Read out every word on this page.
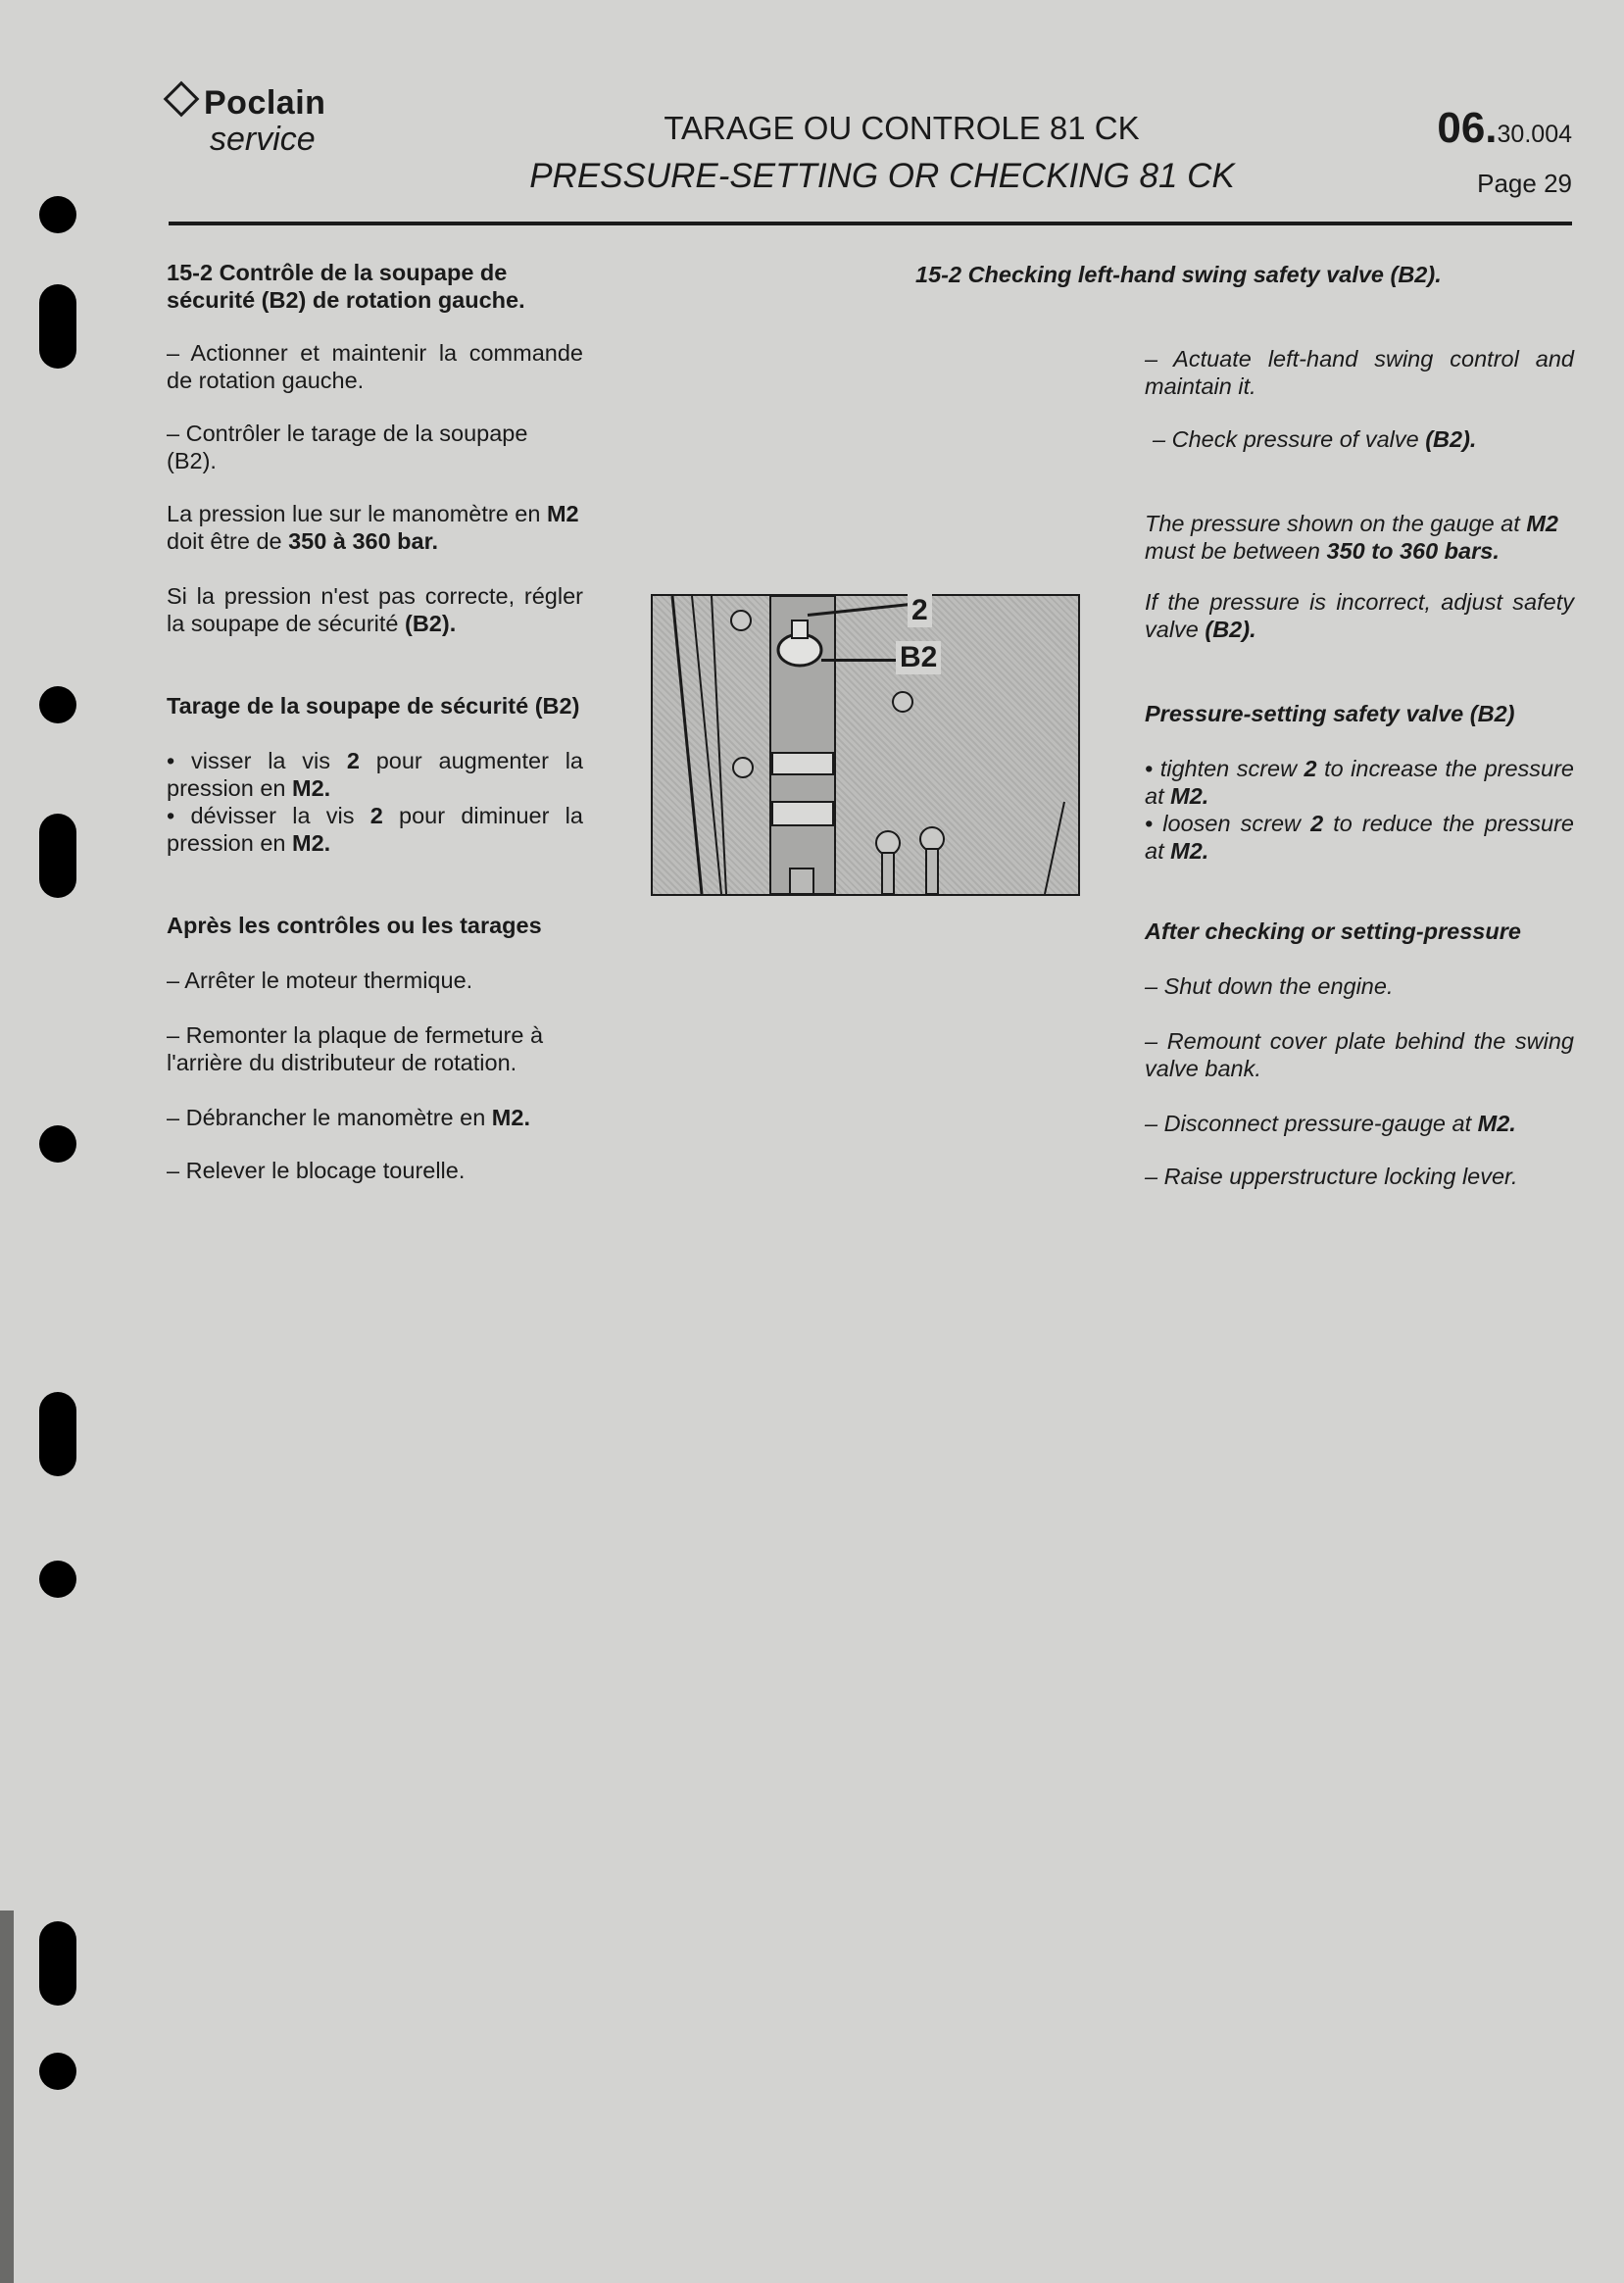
Poclain
service	TARAGE OU CONTROLE 81 CK
PRESSURE-SETTING OR CHECKING 81 CK
06.30.004
Page 29

15-2 Contrôle de la soupape de sécurité (B2) de rotation gauche.

– Actionner et maintenir la commande de rotation gauche.

– Contrôler le tarage de la soupape (B2).

La pression lue sur le manomètre en M2 doit être de 350 à 360 bar.

Si la pression n'est pas correcte, régler la soupape de sécurité (B2).

Tarage de la soupape de sécurité (B2)

• visser la vis 2 pour augmenter la pression en M2.

• dévisser la vis 2 pour diminuer la pression en M2.

Après les contrôles ou les tarages
– Arrêter le moteur thermique.
– Remonter la plaque de fermeture à l'arrière du distributeur de rotation.
– Débrancher le manomètre en M2.
– Relever le blocage tourelle.
2
B2
15-2 Checking left-hand swing safety valve (B2).
– Actuate left-hand swing control and maintain it.
– Check pressure of valve (B2).
The pressure shown on the gauge at M2 must be between 350 to 360 bars.
If the pressure is incorrect, adjust safety valve (B2).
Pressure-setting safety valve (B2)

• tighten screw 2 to increase the pressure at M2.

• loosen screw 2 to reduce the pressure at M2.

After checking or setting-pressure
– Shut down the engine.
– Remount cover plate behind the swing valve bank.
– Disconnect pressure-gauge at M2.
– Raise upperstructure locking lever.
